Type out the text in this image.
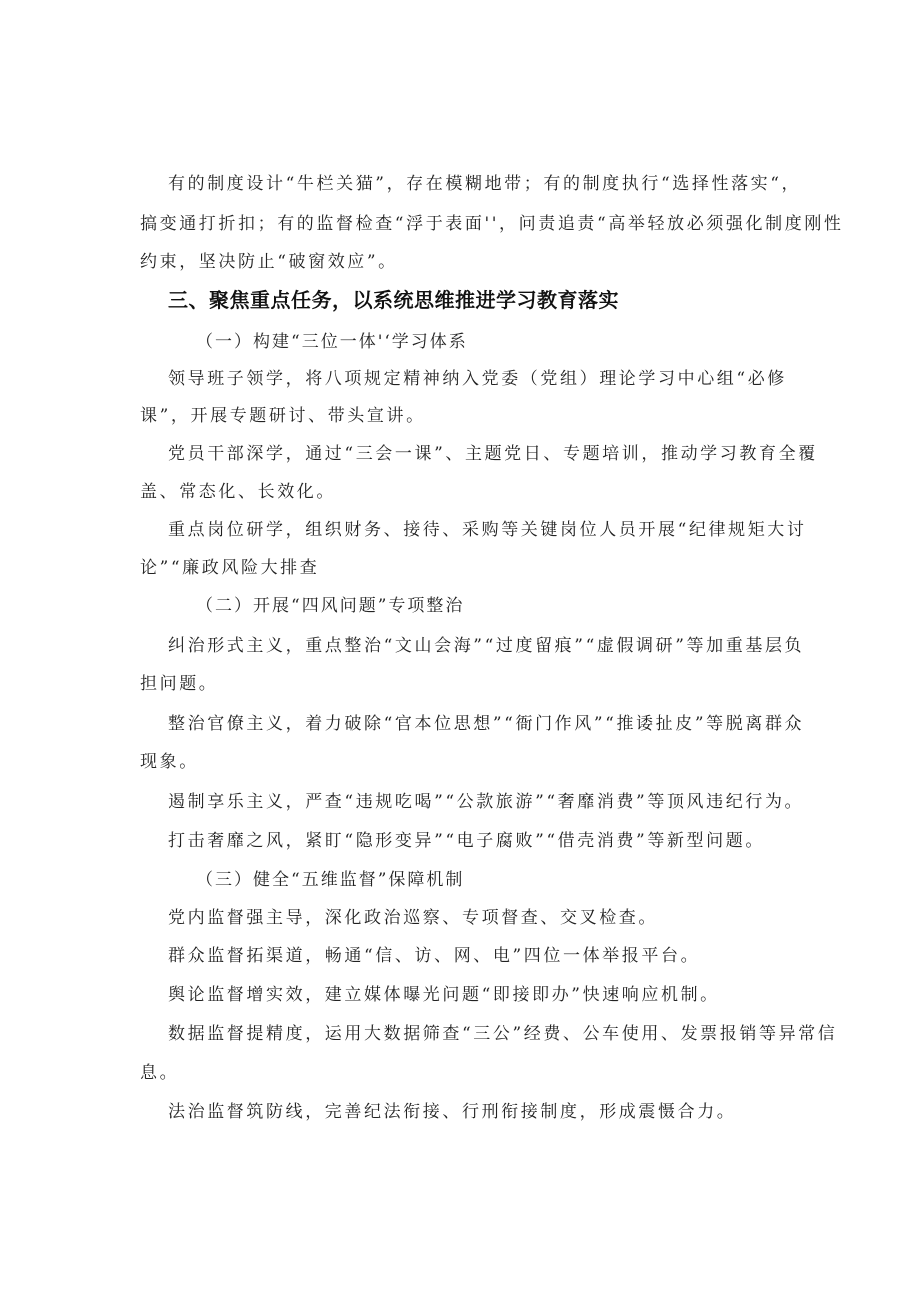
有的制度设计“牛栏关猫”，存在模糊地带；有的制度执行“选择性落实“，
搞变通打折扣；有的监督检查“浮于表面''，问责追责“高举轻放必须强化制度刚性
约束，坚决防止“破窗效应”。
三、聚焦重点任务，以系统思维推进学习教育落实
（一）构建“三位一体'‘学习体系
领导班子领学，将八项规定精神纳入党委（党组）理论学习中心组“必修
课”，开展专题研讨、带头宣讲。
党员干部深学，通过“三会一课”、主题党日、专题培训，推动学习教育全覆
盖、常态化、长效化。
重点岗位研学，组织财务、接待、采购等关键岗位人员开展“纪律规矩大讨
论”“廉政风险大排查
（二）开展“四风问题”专项整治
纠治形式主义，重点整治“文山会海”“过度留痕”“虚假调研”等加重基层负
担问题。
整治官僚主义，着力破除“官本位思想”“衙门作风”“推诿扯皮”等脱离群众
现象。
遏制享乐主义，严查“违规吃喝”“公款旅游”“奢靡消费”等顶风违纪行为。
打击奢靡之风，紧盯“隐形变异”“电子腐败”“借壳消费”等新型问题。
（三）健全“五维监督”保障机制
党内监督强主导，深化政治巡察、专项督查、交叉检查。
群众监督拓渠道，畅通“信、访、网、电”四位一体举报平台。
舆论监督增实效，建立媒体曝光问题“即接即办”快速响应机制。
数据监督提精度，运用大数据筛查“三公”经费、公车使用、发票报销等异常信
息。
法治监督筑防线，完善纪法衔接、行刑衔接制度，形成震慑合力。
